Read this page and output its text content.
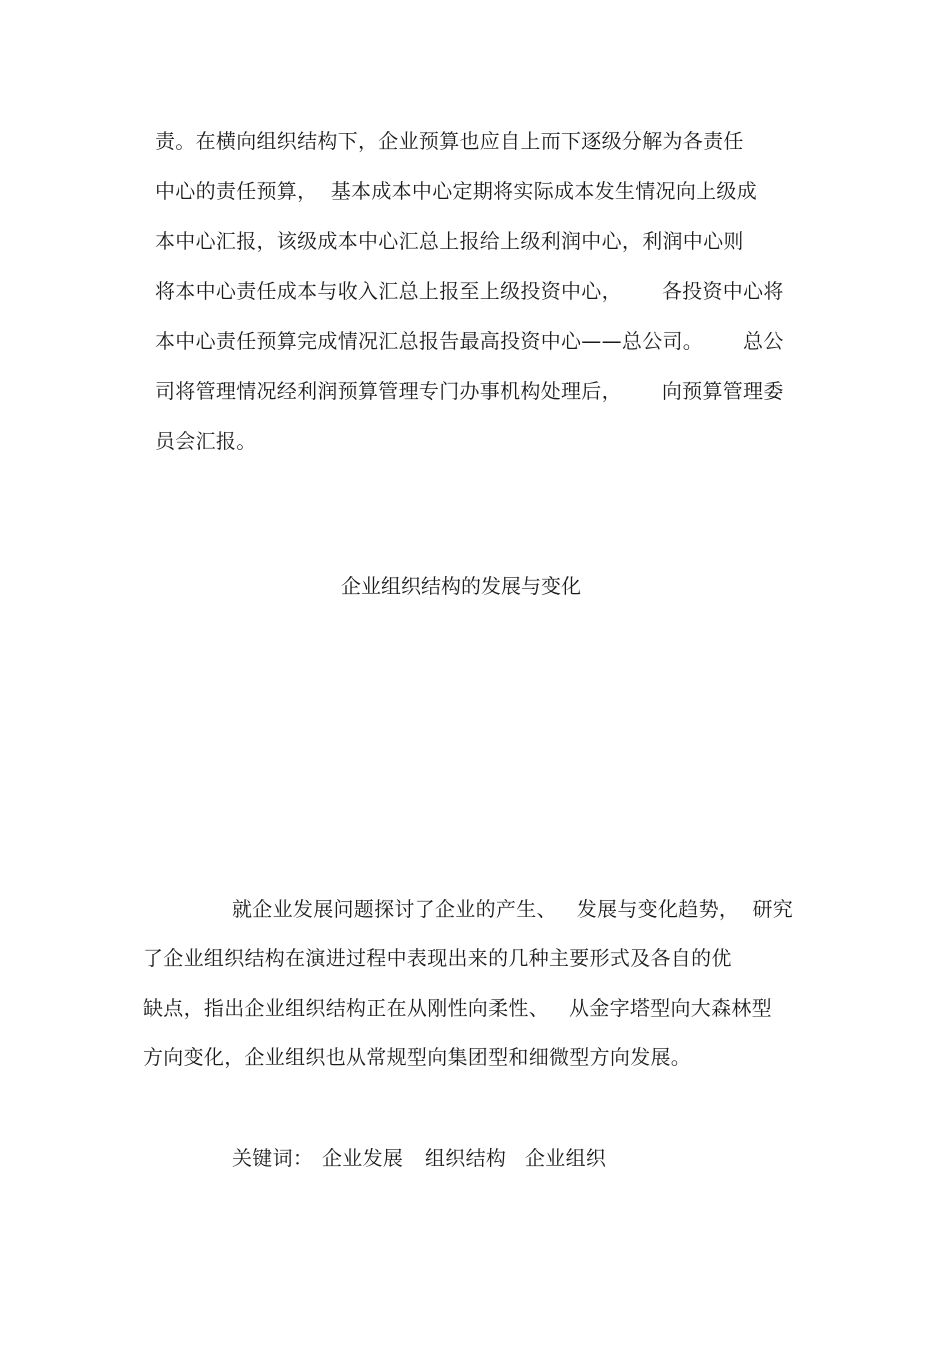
责。在横向组织结构下，企业预算也应自上而下逐级分解为各责任
中心的责任预算，  基本成本中心定期将实际成本发生情况向上级成
本中心汇报，该级成本中心汇总上报给上级利润中心，利润中心则
将本中心责任成本与收入汇总上报至上级投资中心，      各投资中心将
本中心责任预算完成情况汇总报告最高投资中心——总公司。      总公
司将管理情况经利润预算管理专门办事机构处理后，      向预算管理委
员会汇报。
企业组织结构的发展与变化
就企业发展问题探讨了企业的产生、   发展与变化趋势，  研究
了企业组织结构在演进过程中表现出来的几种主要形式及各自的优
缺点，指出企业组织结构正在从刚性向柔性、   从金字塔型向大森林型
方向变化，企业组织也从常规型向集团型和细微型方向发展。
关键词： 企业发展 组织结构 企业组织
